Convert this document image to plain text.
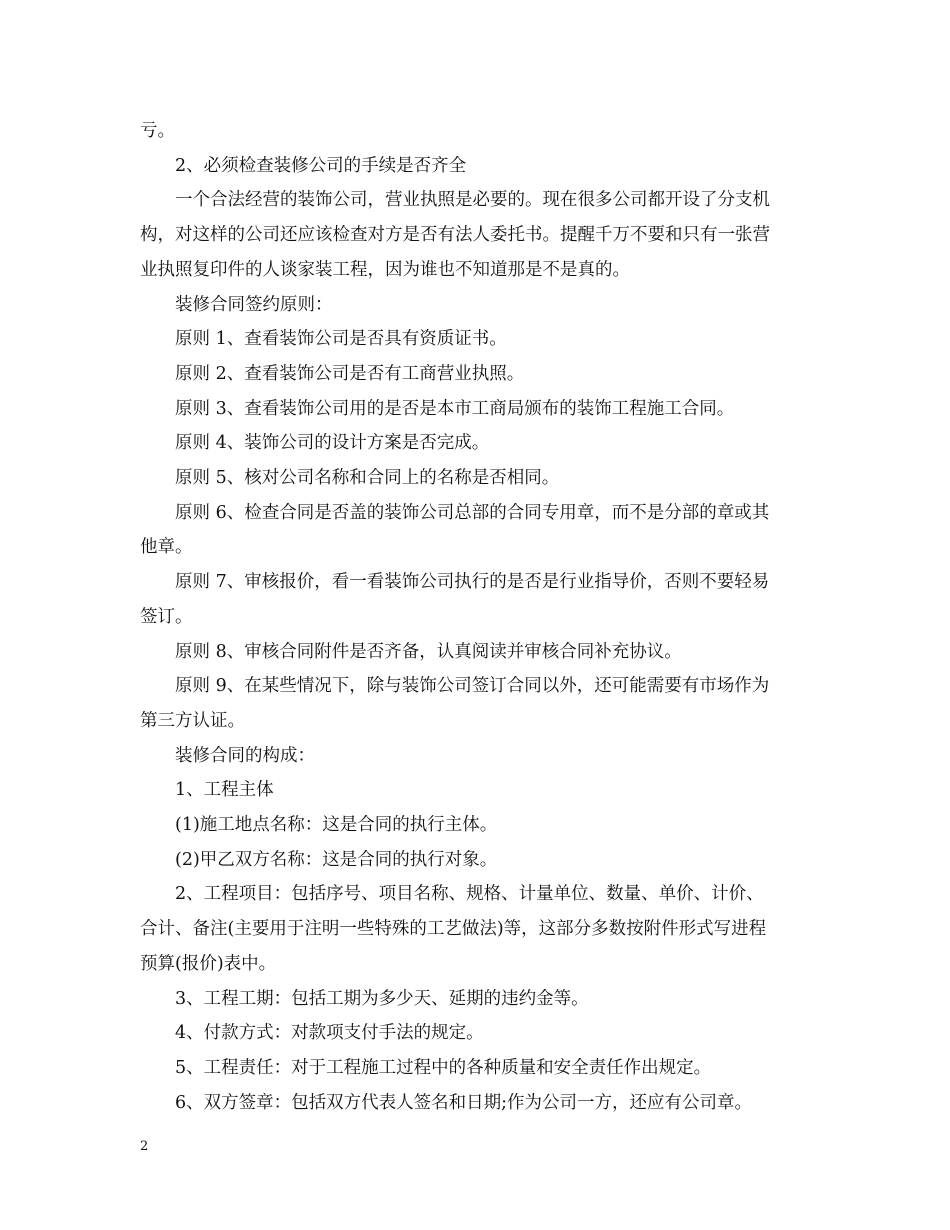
亏。

2、必须检查装修公司的手续是否齐全

一个合法经营的装饰公司，营业执照是必要的。现在很多公司都开设了分支机

构，对这样的公司还应该检查对方是否有法人委托书。提醒千万不要和只有一张营

业执照复印件的人谈家装工程，因为谁也不知道那是不是真的。

装修合同签约原则：

原则 1、查看装饰公司是否具有资质证书。

原则 2、查看装饰公司是否有工商营业执照。

原则 3、查看装饰公司用的是否是本市工商局颁布的装饰工程施工合同。

原则 4、装饰公司的设计方案是否完成。

原则 5、核对公司名称和合同上的名称是否相同。

原则 6、检查合同是否盖的装饰公司总部的合同专用章，而不是分部的章或其

他章。

原则 7、审核报价，看一看装饰公司执行的是否是行业指导价，否则不要轻易

签订。

原则 8、审核合同附件是否齐备，认真阅读并审核合同补充协议。

原则 9、在某些情况下，除与装饰公司签订合同以外，还可能需要有市场作为

第三方认证。

装修合同的构成：

1、工程主体

(1)施工地点名称：这是合同的执行主体。

(2)甲乙双方名称：这是合同的执行对象。

2、工程项目：包括序号、项目名称、规格、计量单位、数量、单价、计价、

合计、备注(主要用于注明一些特殊的工艺做法)等，这部分多数按附件形式写进程

预算(报价)表中。

3、工程工期：包括工期为多少天、延期的违约金等。

4、付款方式：对款项支付手法的规定。

5、工程责任：对于工程施工过程中的各种质量和安全责任作出规定。

6、双方签章：包括双方代表人签名和日期;作为公司一方，还应有公司章。

2
